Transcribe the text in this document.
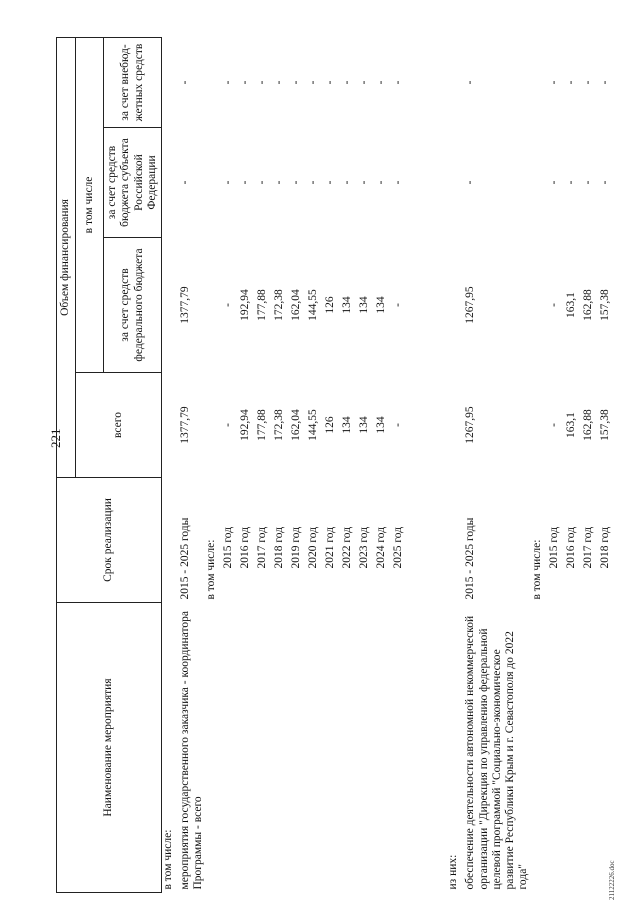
221
21122226.doc
Наименование мероприятия	Срок реализации	Объем финансирования			
		всего	в том числе		
			за счет средств федерального бюджета	за счет средств бюджета субъекта Российской Федерации	за счет внебюд-жетных средств
в том числе:					
мероприятия государственного заказчика - координатора Программы - всего	2015 - 2025 годы	1377,79	1377,79	-	-
	в том числе:				
	2015 год	-	-	-	-
	2016 год	192,94	192,94	-	-
	2017 год	177,88	177,88	-	-
	2018 год	172,38	172,38	-	-
	2019 год	162,04	162,04	-	-
	2020 год	144,55	144,55	-	-
	2021 год	126	126	-	-
	2022 год	134	134	-	-
	2023 год	134	134	-	-
	2024 год	134	134	-	-
	2025 год	-	-	-	-

из них:					
обеспечение деятельности автономной некоммерческой организации "Дирекция по управлению федеральной целевой программой "Социально-экономическое развитие Республики Крым и г. Севастополя до 2022 года"	2015 - 2025 годы	1267,95	1267,95	-	-
	в том числе:				
	2015 год	-	-	-	-
	2016 год	163,1	163,1	-	-
	2017 год	162,88	162,88	-	-
	2018 год	157,38	157,38	-	-
